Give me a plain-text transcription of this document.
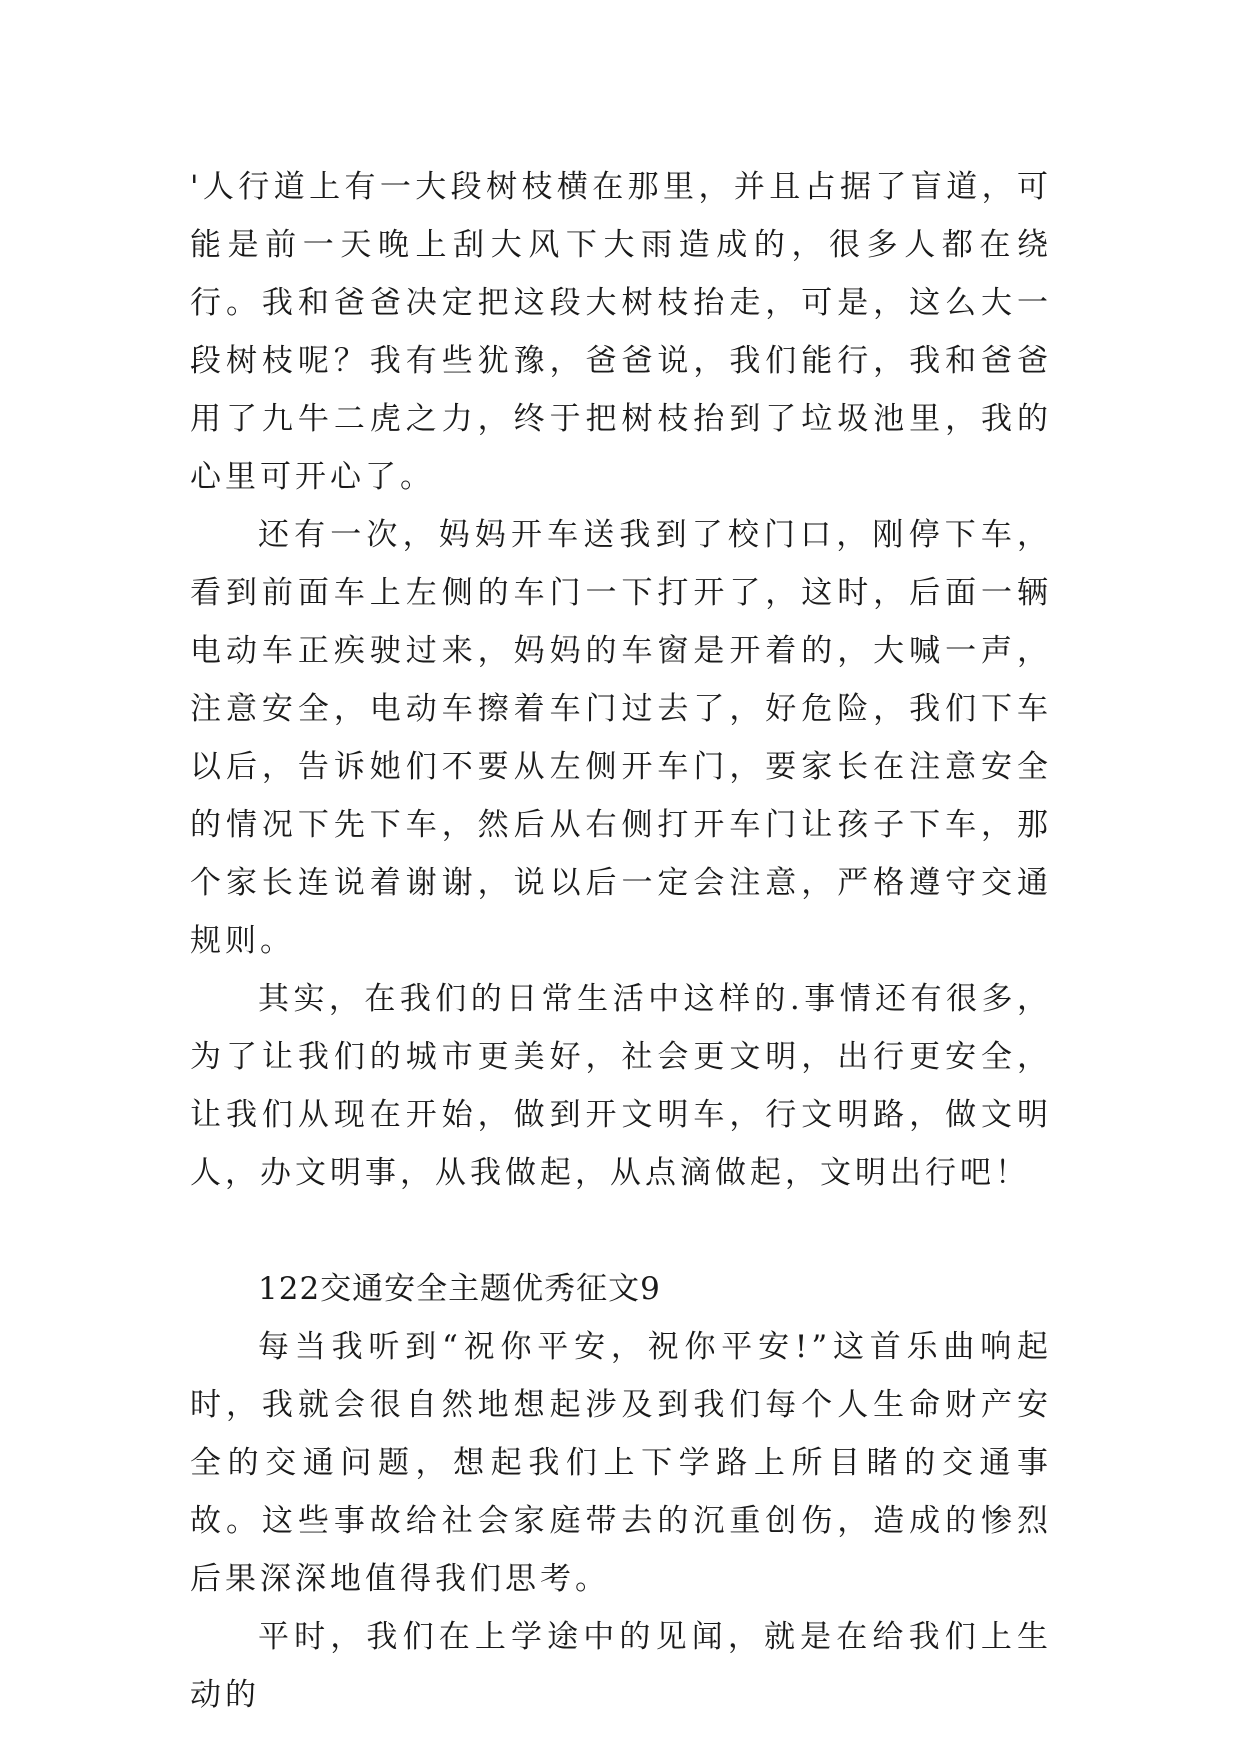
'人行道上有一大段树枝横在那里，并且占据了盲道，可能是前一天晚上刮大风下大雨造成的，很多人都在绕行。我和爸爸决定把这段大树枝抬走，可是，这么大一段树枝呢？我有些犹豫，爸爸说，我们能行，我和爸爸用了九牛二虎之力，终于把树枝抬到了垃圾池里，我的心里可开心了。

还有一次，妈妈开车送我到了校门口，刚停下车，看到前面车上左侧的车门一下打开了，这时，后面一辆电动车正疾驶过来，妈妈的车窗是开着的，大喊一声，注意安全，电动车擦着车门过去了，好危险，我们下车以后，告诉她们不要从左侧开车门，要家长在注意安全的情况下先下车，然后从右侧打开车门让孩子下车，那个家长连说着谢谢，说以后一定会注意，严格遵守交通规则。

其实，在我们的日常生活中这样的.事情还有很多，为了让我们的城市更美好，社会更文明，出行更安全，让我们从现在开始，做到开文明车，行文明路，做文明人，办文明事，从我做起，从点滴做起，文明出行吧！

122交通安全主题优秀征文9

每当我听到“祝你平安，祝你平安!”这首乐曲响起时，我就会很自然地想起涉及到我们每个人生命财产安全的交通问题，想起我们上下学路上所目睹的交通事故。这些事故给社会家庭带去的沉重创伤，造成的惨烈后果深深地值得我们思考。

平时，我们在上学途中的见闻，就是在给我们上生动的
